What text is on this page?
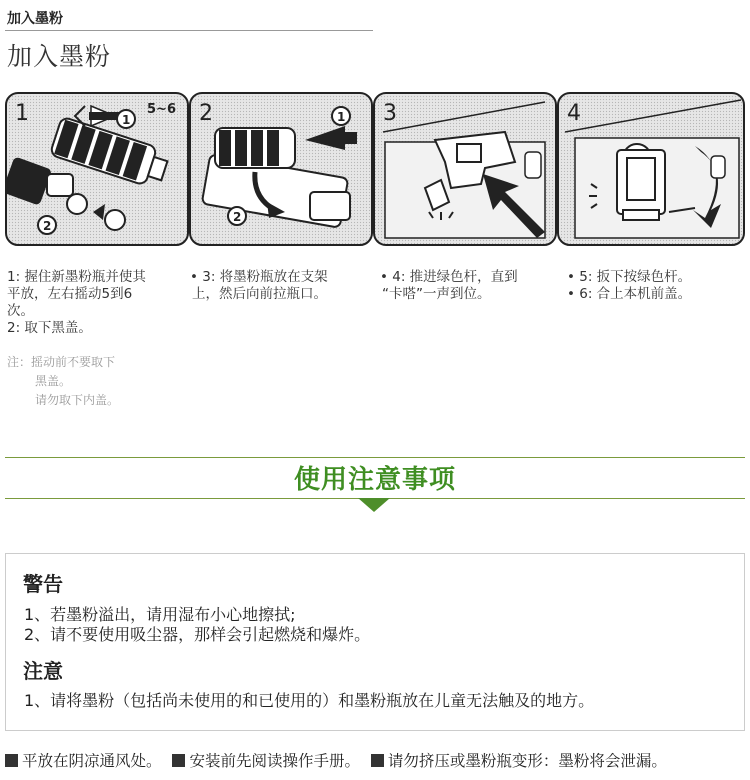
加入墨粉
加入墨粉
1	5~6
1
2
2	1
2
3	4
1: 握住新墨粉瓶并使其
平放，左右摇动5到6
次。
2: 取下黑盖。
• 3: 将墨粉瓶放在支架
上，然后向前拉瓶口。
• 4: 推进绿色杆，直到
“卡嗒”一声到位。
• 5: 扳下按绿色杆。
• 6: 合上本机前盖。
注：摇动前不要取下
黑盖。
请勿取下内盖。
使用注意事项
警告
1、若墨粉溢出，请用湿布小心地擦拭;
2、请不要使用吸尘器，那样会引起燃烧和爆炸。
注意
1、请将墨粉（包括尚未使用的和已使用的）和墨粉瓶放在儿童无法触及的地方。
平放在阴凉通风处。 安装前先阅读操作手册。 请勿挤压或墨粉瓶变形：墨粉将会泄漏。
